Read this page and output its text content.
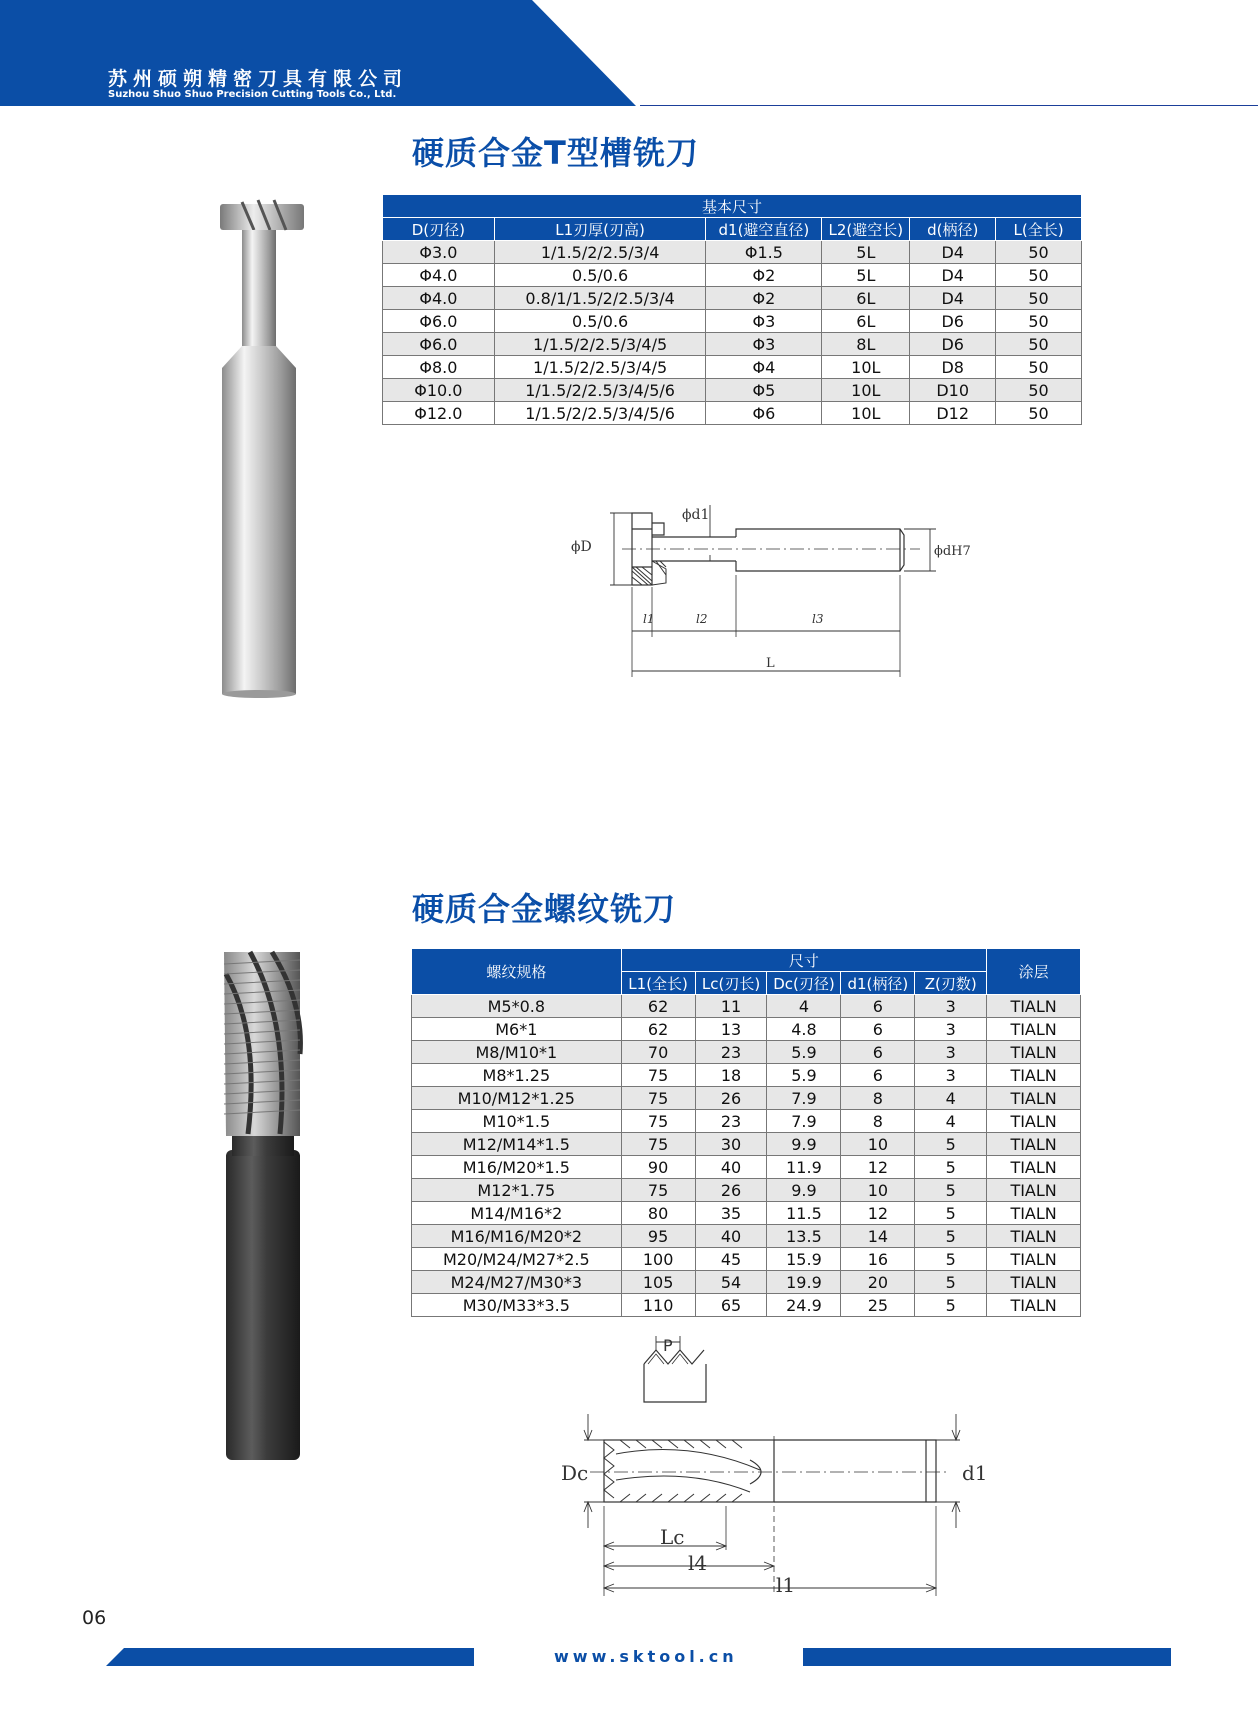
苏州硕朔精密刀具有限公司
Suzhou Shuo Shuo Precision Cutting Tools Co., Ltd.
硬质合金T型槽铣刀
基本尺寸					
D(刃径)	L1刃厚(刃高)	d1(避空直径)	L2(避空长)	d(柄径)	L(全长)
Φ3.0	1/1.5/2/2.5/3/4	Φ1.5	5L	D4	50
Φ4.0	0.5/0.6	Φ2	5L	D4	50
Φ4.0	0.8/1/1.5/2/2.5/3/4	Φ2	6L	D4	50
Φ6.0	0.5/0.6	Φ3	6L	D6	50
Φ6.0	1/1.5/2/2.5/3/4/5	Φ3	8L	D6	50
Φ8.0	1/1.5/2/2.5/3/4/5	Φ4	10L	D8	50
Φ10.0	1/1.5/2/2.5/3/4/5/6	Φ5	10L	D10	50
Φ12.0	1/1.5/2/2.5/3/4/5/6	Φ6	10L	D12	50
ϕD
ϕd1
ϕdH7
l1	l2	l3
L
硬质合金螺纹铣刀
螺纹规格	尺寸					涂层
	L1(全长)	Lc(刃长)	Dc(刃径)	d1(柄径)	Z(刃数)	
M5*0.8	62	11	4	6	3	TIALN
M6*1	62	13	4.8	6	3	TIALN
M8/M10*1	70	23	5.9	6	3	TIALN
M8*1.25	75	18	5.9	6	3	TIALN
M10/M12*1.25	75	26	7.9	8	4	TIALN
M10*1.5	75	23	7.9	8	4	TIALN
M12/M14*1.5	75	30	9.9	10	5	TIALN
M16/M20*1.5	90	40	11.9	12	5	TIALN
M12*1.75	75	26	9.9	10	5	TIALN
M14/M16*2	80	35	11.5	12	5	TIALN
M16/M16/M20*2	95	40	13.5	14	5	TIALN
M20/M24/M27*2.5	100	45	15.9	16	5	TIALN
M24/M27/M30*3	105	54	19.9	20	5	TIALN
M30/M33*3.5	110	65	24.9	25	5	TIALN
P
Dc	d1
Lc
l4
l1
06
www.sktool.cn
